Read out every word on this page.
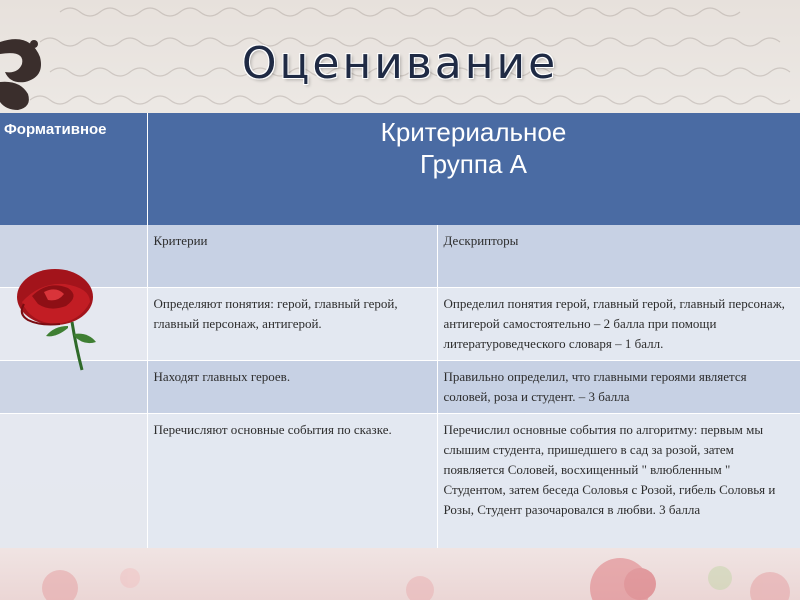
Оценивание
Формативное	Критериальное
Группа А	

	Критерии	Дескрипторы
	Определяют понятия: герой, главный герой, главный персонаж, антигерой.	Определил понятия герой, главный герой, главный персонаж, антигерой самостоятельно – 2 балла при помощи литературоведческого словаря – 1 балл.
	Находят главных героев.	Правильно определил, что главными героями является соловей, роза и студент. – 3 балла
	Перечисляют основные события по сказке.	Перечислил основные события по алгоритму: первым мы слышим студента, пришедшего в сад за розой, затем появляется Соловей, восхищенный " влюбленным " Студентом, затем беседа Соловья с Розой, гибель Соловья и Розы, Студент разочаровался в любви. 3 балла
